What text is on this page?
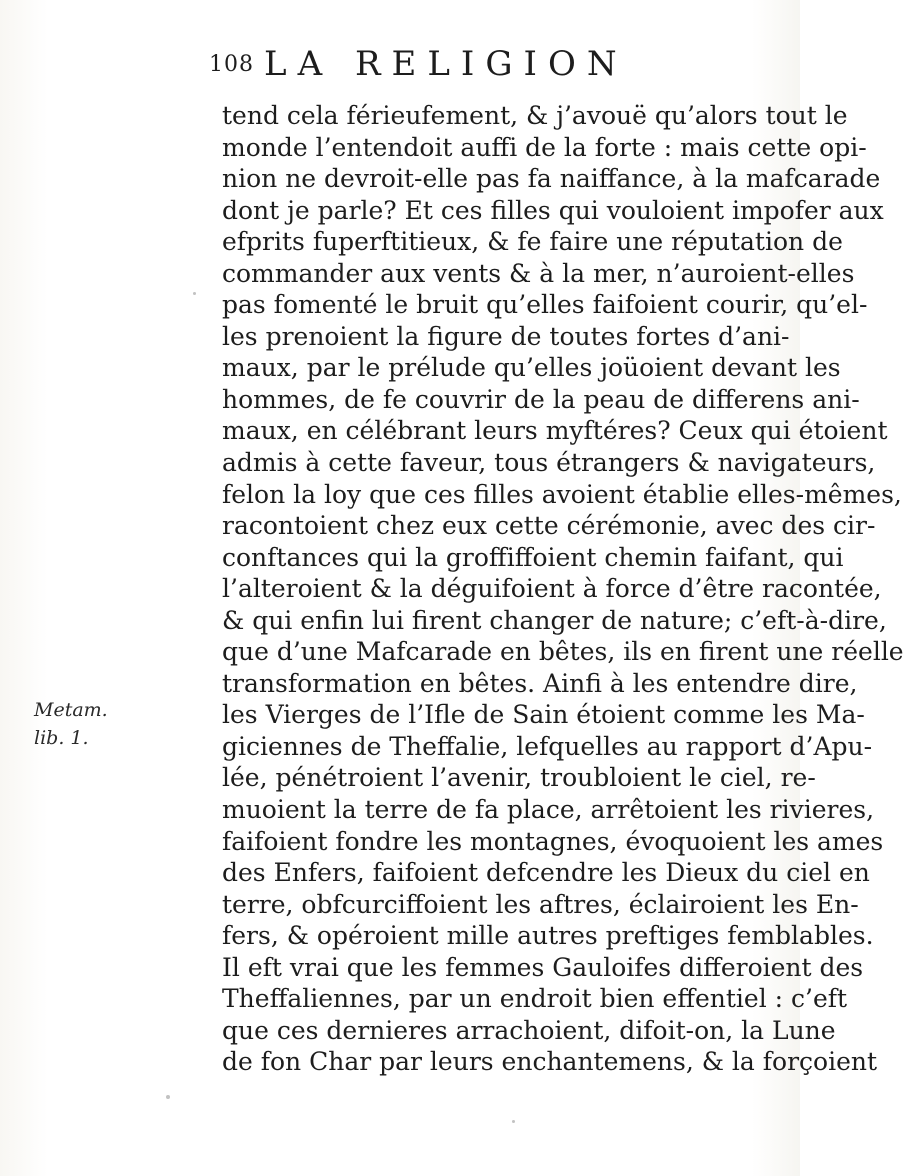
108 LA RELIGION
tend cela férieufement, & j’avouë qu’alors tout le
monde l’entendoit auffi de la forte : mais cette opi-
nion ne devroit-elle pas fa naiffance, à la mafcarade
dont je parle? Et ces filles qui vouloient impofer aux
efprits fuperftitieux, & fe faire une réputation de
commander aux vents & à la mer, n’auroient-elles
pas fomenté le bruit qu’elles faifoient courir, qu’el-
les prenoient la figure de toutes fortes d’ani-
maux, par le prélude qu’elles joüoient devant les
hommes, de fe couvrir de la peau de differens ani-
maux, en célébrant leurs myftéres? Ceux qui étoient
admis à cette faveur, tous étrangers & navigateurs,
felon la loy que ces filles avoient établie elles-mêmes,
racontoient chez eux cette cérémonie, avec des cir-
conftances qui la groffiffoient chemin faifant, qui
l’alteroient & la déguifoient à force d’être racontée,
& qui enfin lui firent changer de nature; c’eft-à-dire,
que d’une Mafcarade en bêtes, ils en firent une réelle
transformation en bêtes. Ainfi à les entendre dire,
les Vierges de l’Ifle de Sain étoient comme les Ma-
giciennes de Theffalie, lefquelles au rapport d’Apu-
lée, pénétroient l’avenir, troubloient le ciel, re-
muoient la terre de fa place, arrêtoient les rivieres,
faifoient fondre les montagnes, évoquoient les ames
des Enfers, faifoient defcendre les Dieux du ciel en
terre, obfcurciffoient les aftres, éclairoient les En-
fers, & opéroient mille autres preftiges femblables.
Il eft vrai que les femmes Gauloifes differoient des
Theffaliennes, par un endroit bien effentiel : c’eft
que ces dernieres arrachoient, difoit-on, la Lune
de fon Char par leurs enchantemens, & la forçoient
Metam.
lib. 1.
